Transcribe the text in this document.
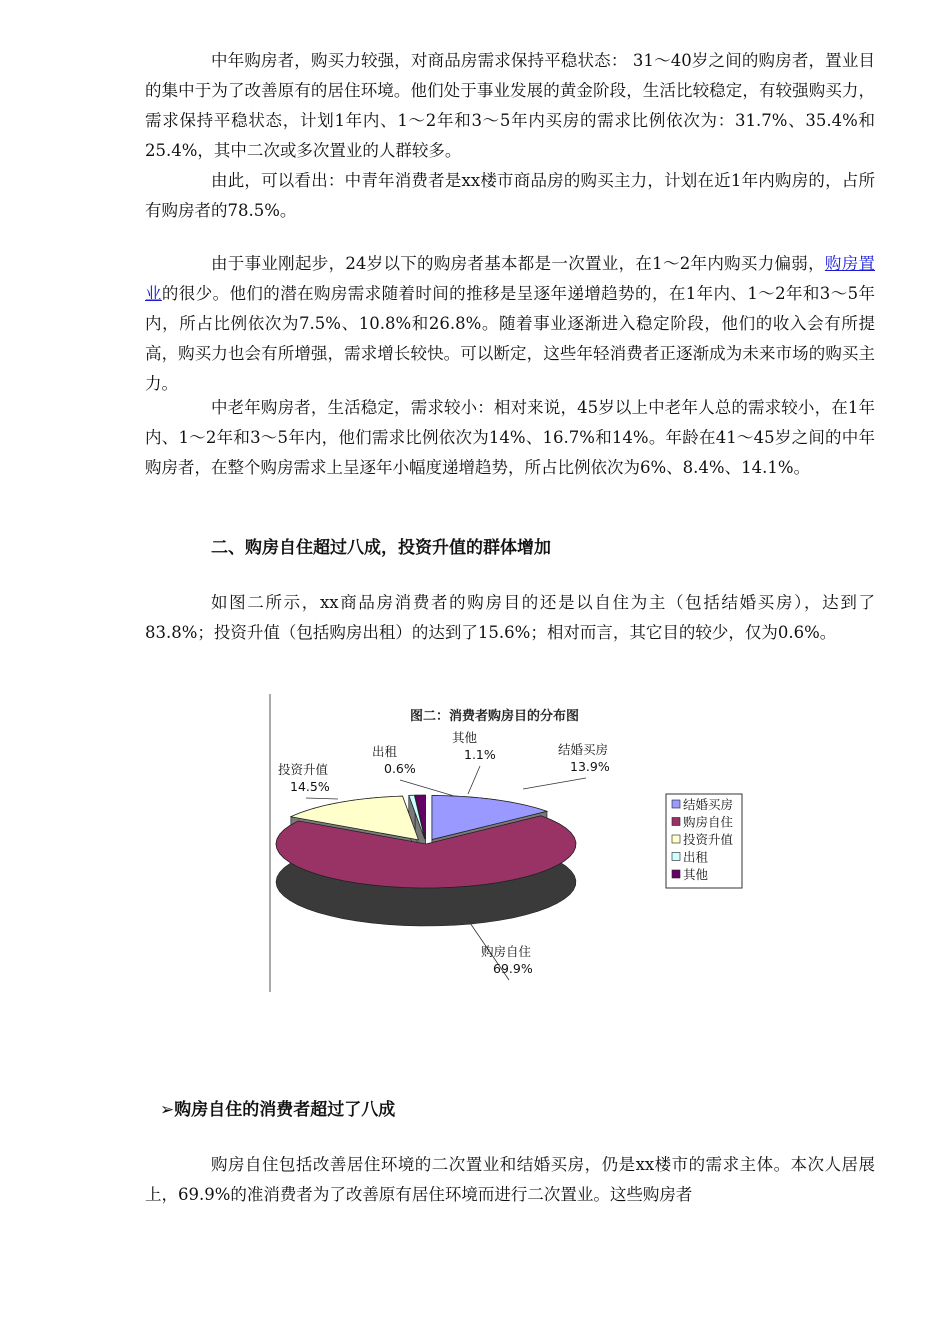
中年购房者，购买力较强，对商品房需求保持平稳状态： 31～40岁之间的购房者，置业目的集中于为了改善原有的居住环境。他们处于事业发展的黄金阶段，生活比较稳定，有较强购买力，需求保持平稳状态，计划1年内、1～2年和3～5年内买房的需求比例依次为：31.7%、35.4%和25.4%，其中二次或多次置业的人群较多。

由此，可以看出：中青年消费者是xx楼市商品房的购买主力，计划在近1年内购房的，占所有购房者的78.5%。

由于事业刚起步，24岁以下的购房者基本都是一次置业，在1～2年内购买力偏弱，购房置业的很少。他们的潜在购房需求随着时间的推移是呈逐年递增趋势的，在1年内、1～2年和3～5年内，所占比例依次为7.5%、10.8%和26.8%。随着事业逐渐进入稳定阶段，他们的收入会有所提高，购买力也会有所增强，需求增长较快。可以断定，这些年轻消费者正逐渐成为未来市场的购买主力。

中老年购房者，生活稳定，需求较小：相对来说，45岁以上中老年人总的需求较小，在1年内、1～2年和3～5年内，他们需求比例依次为14%、16.7%和14%。年龄在41～45岁之间的中年购房者，在整个购房需求上呈逐年小幅度递增趋势，所占比例依次为6%、8.4%、14.1%。

二、购房自住超过八成，投资升值的群体增加

如图二所示，xx商品房消费者的购房目的还是以自住为主（包括结婚买房），达到了83.8%；投资升值（包括购房出租）的达到了15.6%；相对而言，其它目的较少，仅为0.6%。

图二：消费者购房目的分布图
结婚买房
13.9%
购房自住
69.9%
投资升值
14.5%
出租
0.6%
其他
1.1%
结婚买房
购房自住
投资升值
出租
其他
➢购房自住的消费者超过了八成

购房自住包括改善居住环境的二次置业和结婚买房，仍是xx楼市的需求主体。本次人居展上，69.9%的准消费者为了改善原有居住环境而进行二次置业。这些购房者
